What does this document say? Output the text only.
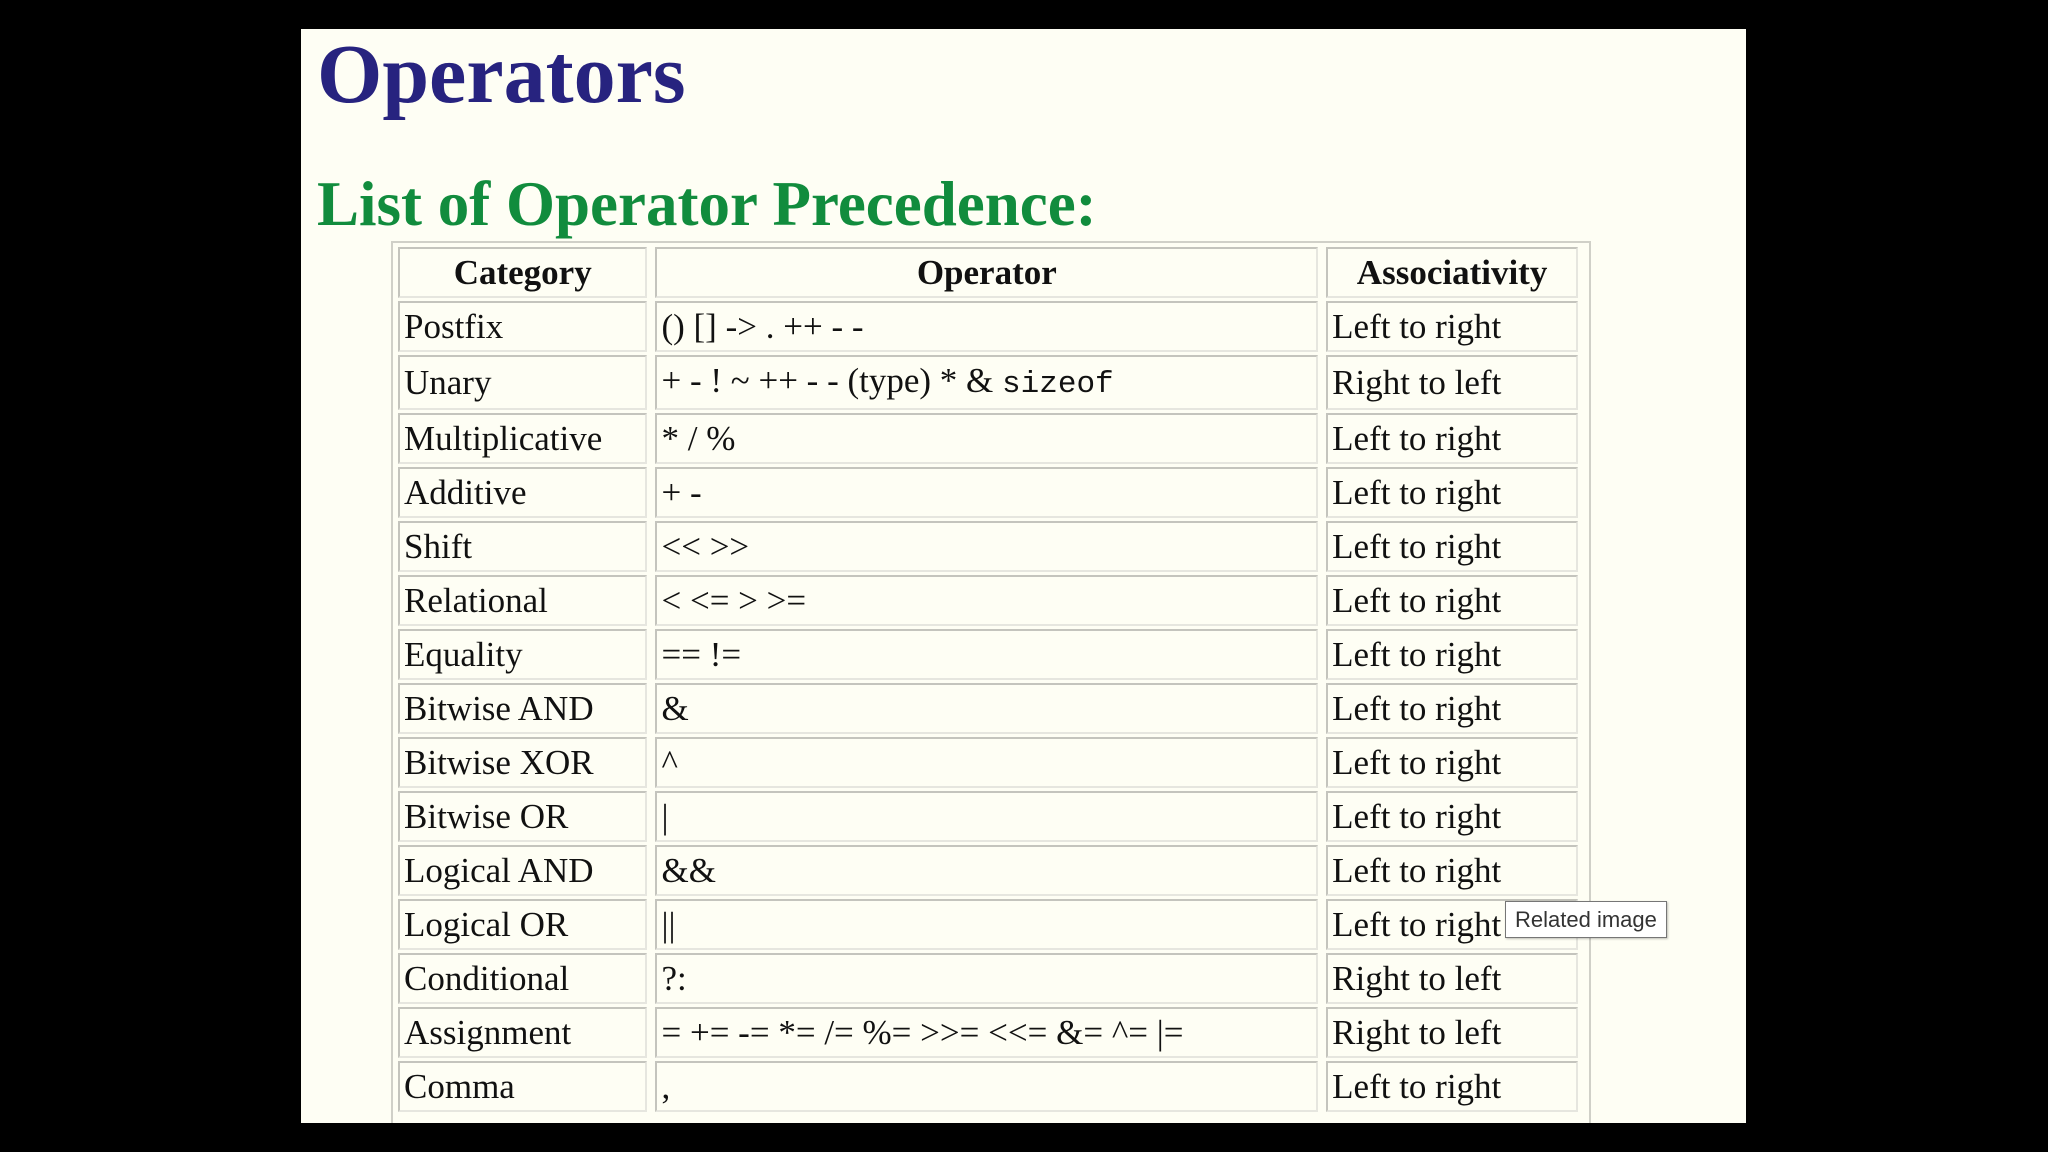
Operators
List of Operator Precedence:
Category	Operator	Associativity
Postfix	() [] -> . ++ - -	Left to right
Unary	+ - ! ~ ++ - - (type) * & sizeof	Right to left
Multiplicative	* / %	Left to right
Additive	+ -	Left to right
Shift	<< >>	Left to right
Relational	< <= > >=	Left to right
Equality	== !=	Left to right
Bitwise AND	&	Left to right
Bitwise XOR	^	Left to right
Bitwise OR	|	Left to right
Logical AND	&&	Left to right
Logical OR	||	Left to right
Conditional	?:	Right to left
Assignment	= += -= *= /= %= >>= <<= &= ^= |=	Right to left
Comma	,	Left to right
Related image
